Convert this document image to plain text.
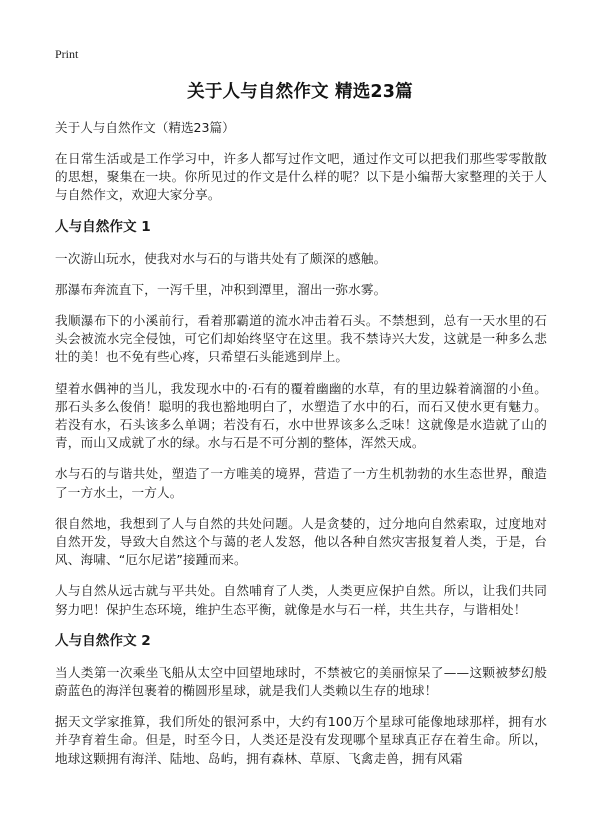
Print
关于人与自然作文 精选23篇
关于人与自然作文（精选23篇）

在日常生活或是工作学习中，许多人都写过作文吧，通过作文可以把我们那些零零散散的思想，聚集在一块。你所见过的作文是什么样的呢？以下是小编帮大家整理的关于人与自然作文，欢迎大家分享。

人与自然作文 1

一次游山玩水，使我对水与石的与谐共处有了颇深的感触。

那瀑布奔流直下，一泻千里，冲积到潭里，溜出一弥水雾。

我顺瀑布下的小溪前行，看着那霸道的流水冲击着石头。不禁想到，总有一天水里的石头会被流水完全侵蚀，可它们却始终坚守在这里。我不禁诗兴大发，这就是一种多么悲壮的美！也不免有些心疼，只希望石头能逃到岸上。

望着水偶神的当儿，我发现水中的·石有的覆着幽幽的水草，有的里边躲着滴溜的小鱼。那石头多么俊俏！聪明的我也豁地明白了，水塑造了水中的石，而石又使水更有魅力。若没有水，石头该多么单调；若没有石，水中世界该多么乏味！这就像是水造就了山的青，而山又成就了水的绿。水与石是不可分割的整体，浑然天成。

水与石的与谐共处，塑造了一方唯美的境界，营造了一方生机勃勃的水生态世界，酿造了一方水土，一方人。

很自然地，我想到了人与自然的共处问题。人是贪婪的，过分地向自然索取，过度地对自然开发，导致大自然这个与蔼的老人发怒，他以各种自然灾害报复着人类，于是，台风、海啸、“厄尔尼诺”接踵而来。

人与自然从远古就与平共处。自然哺育了人类，人类更应保护自然。所以，让我们共同努力吧！保护生态环境，维护生态平衡，就像是水与石一样，共生共存，与谐相处！

人与自然作文 2

当人类第一次乘坐飞船从太空中回望地球时，不禁被它的美丽惊呆了——这颗被梦幻般蔚蓝色的海洋包裹着的椭圆形星球，就是我们人类赖以生存的地球！

据天文学家推算，我们所处的银河系中，大约有100万个星球可能像地球那样，拥有水并孕育着生命。但是，时至今日，人类还是没有发现哪个星球真正存在着生命。所以，地球这颗拥有海洋、陆地、岛屿，拥有森林、草原、飞禽走兽，拥有风霜
